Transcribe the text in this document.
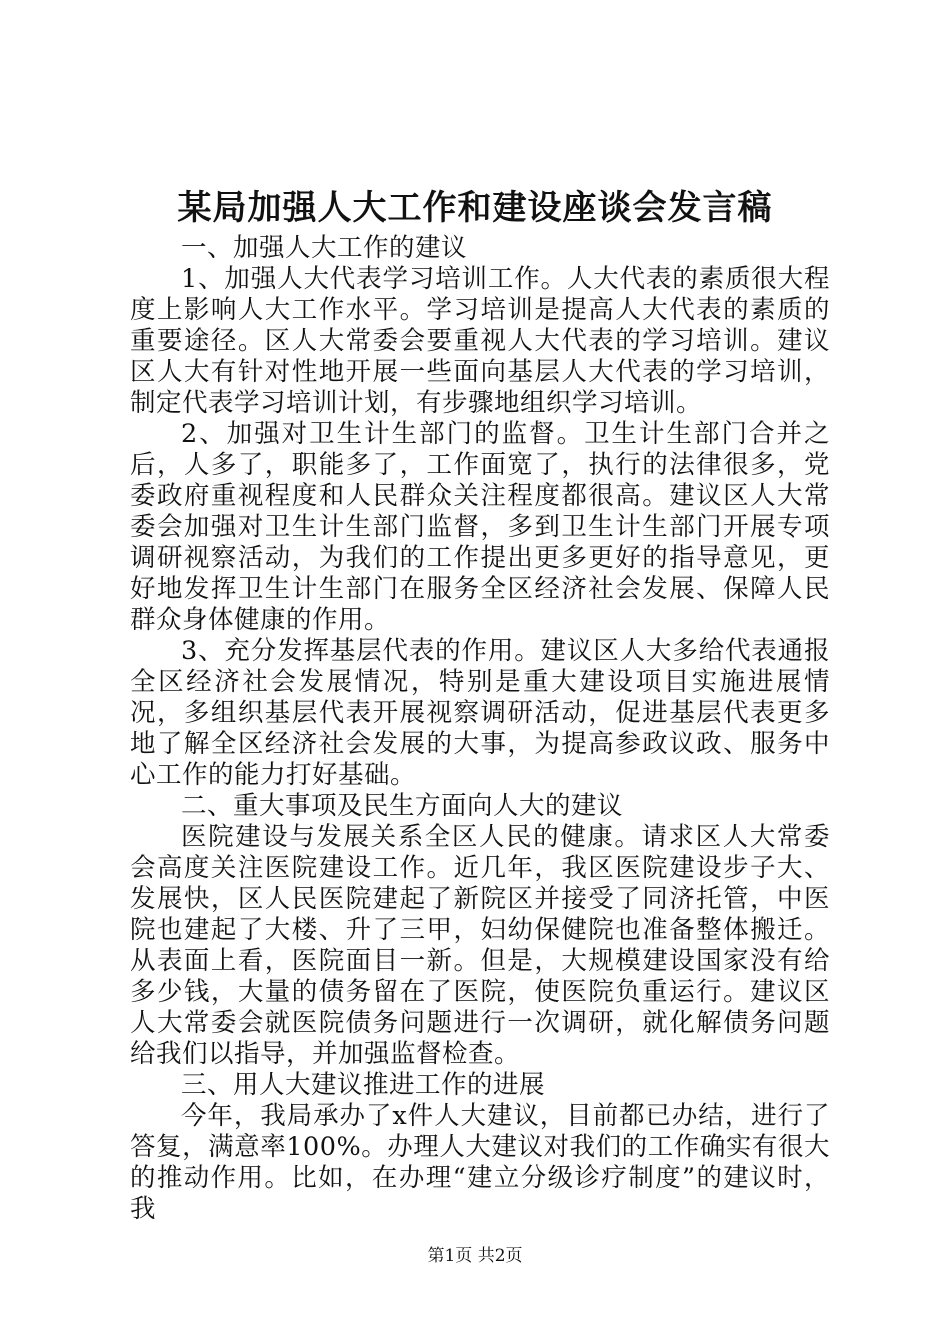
某局加强人大工作和建设座谈会发言稿

一、加强人大工作的建议

1、加强人大代表学习培训工作。人大代表的素质很大程度上影响人大工作水平。学习培训是提高人大代表的素质的重要途径。区人大常委会要重视人大代表的学习培训。建议区人大有针对性地开展一些面向基层人大代表的学习培训，制定代表学习培训计划，有步骤地组织学习培训。

2、加强对卫生计生部门的监督。卫生计生部门合并之后，人多了，职能多了，工作面宽了，执行的法律很多，党委政府重视程度和人民群众关注程度都很高。建议区人大常委会加强对卫生计生部门监督，多到卫生计生部门开展专项调研视察活动，为我们的工作提出更多更好的指导意见，更好地发挥卫生计生部门在服务全区经济社会发展、保障人民群众身体健康的作用。

3、充分发挥基层代表的作用。建议区人大多给代表通报全区经济社会发展情况，特别是重大建设项目实施进展情况，多组织基层代表开展视察调研活动，促进基层代表更多地了解全区经济社会发展的大事，为提高参政议政、服务中心工作的能力打好基础。

二、重大事项及民生方面向人大的建议

医院建设与发展关系全区人民的健康。请求区人大常委会高度关注医院建设工作。近几年，我区医院建设步子大、发展快，区人民医院建起了新院区并接受了同济托管，中医院也建起了大楼、升了三甲，妇幼保健院也准备整体搬迁。从表面上看，医院面目一新。但是，大规模建设国家没有给多少钱，大量的债务留在了医院，使医院负重运行。建议区人大常委会就医院债务问题进行一次调研，就化解债务问题给我们以指导，并加强监督检查。

三、用人大建议推进工作的进展

今年，我局承办了x件人大建议，目前都已办结，进行了答复，满意率100%。办理人大建议对我们的工作确实有很大的推动作用。比如，在办理“建立分级诊疗制度”的建议时，我

第1页 共2页
